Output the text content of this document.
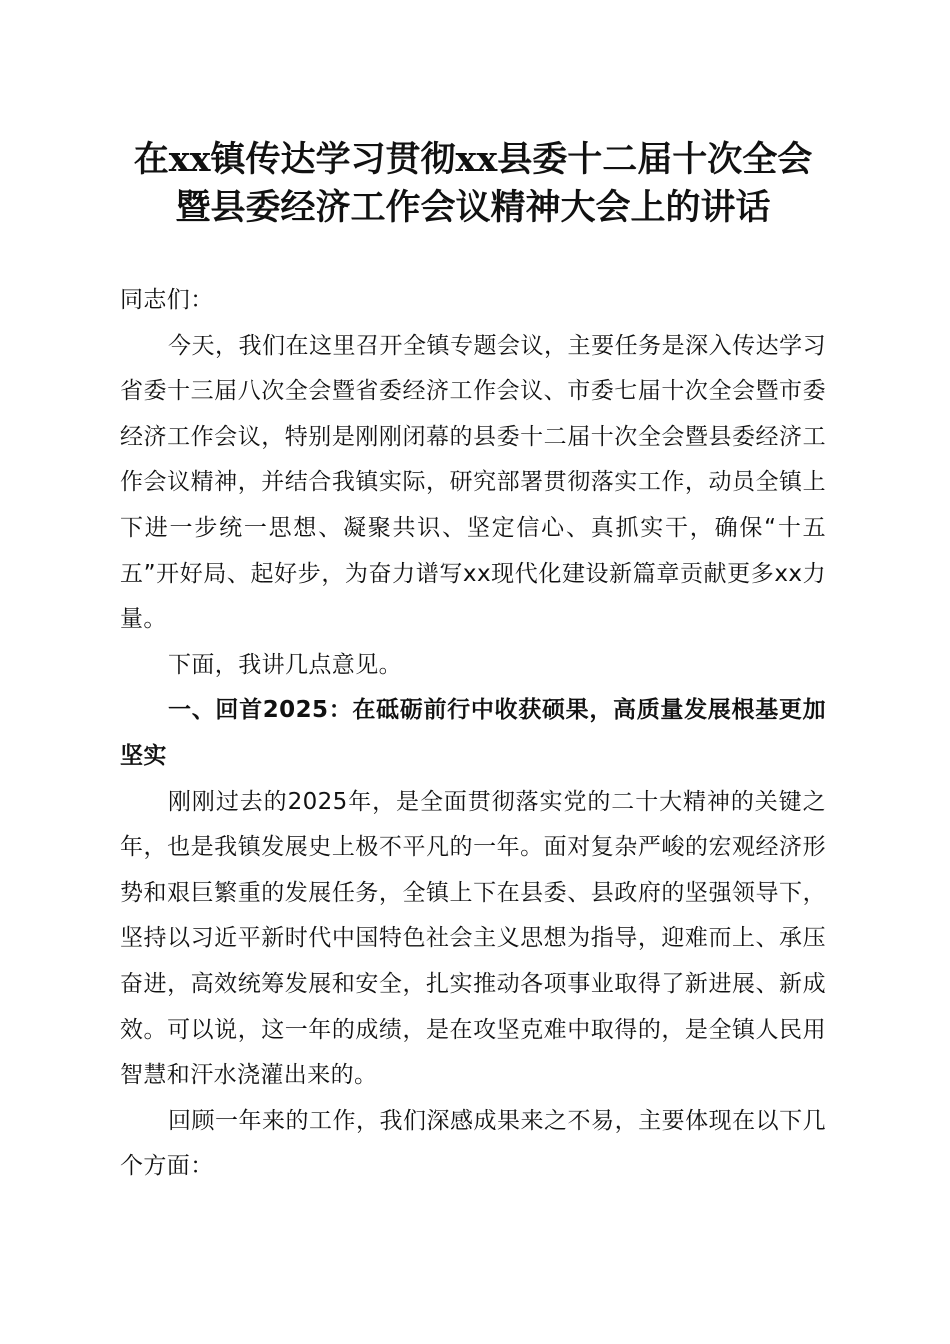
在xx镇传达学习贯彻xx县委十二届十次全会
暨县委经济工作会议精神大会上的讲话

同志们：

今天，我们在这里召开全镇专题会议，主要任务是深入传达学习省委十三届八次全会暨省委经济工作会议、市委七届十次全会暨市委经济工作会议，特别是刚刚闭幕的县委十二届十次全会暨县委经济工作会议精神，并结合我镇实际，研究部署贯彻落实工作，动员全镇上下进一步统一思想、凝聚共识、坚定信心、真抓实干，确保“十五五”开好局、起好步，为奋力谱写xx现代化建设新篇章贡献更多xx力量。

下面，我讲几点意见。

一、回首2025：在砥砺前行中收获硕果，高质量发展根基更加坚实

刚刚过去的2025年，是全面贯彻落实党的二十大精神的关键之年，也是我镇发展史上极不平凡的一年。面对复杂严峻的宏观经济形势和艰巨繁重的发展任务，全镇上下在县委、县政府的坚强领导下，坚持以习近平新时代中国特色社会主义思想为指导，迎难而上、承压奋进，高效统筹发展和安全，扎实推动各项事业取得了新进展、新成效。可以说，这一年的成绩，是在攻坚克难中取得的，是全镇人民用智慧和汗水浇灌出来的。

回顾一年来的工作，我们深感成果来之不易，主要体现在以下几个方面：
